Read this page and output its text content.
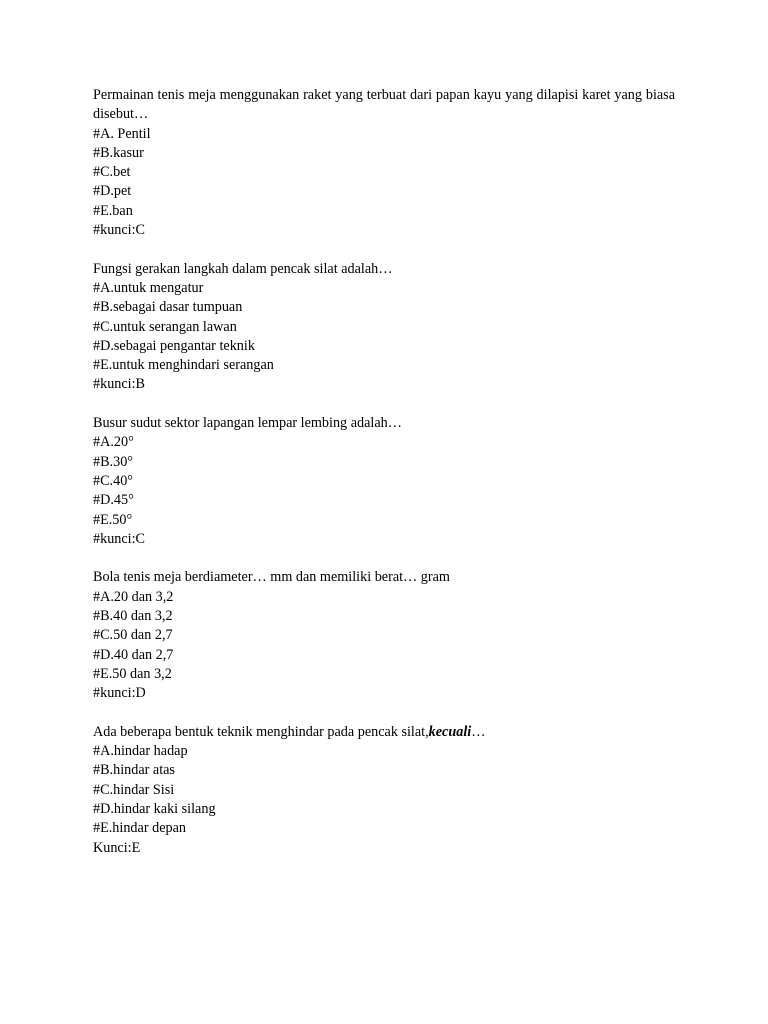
Permainan tenis meja menggunakan raket yang terbuat dari papan kayu yang dilapisi karet yang biasa disebut…
#A. Pentil
#B.kasur
#C.bet
#D.pet
#E.ban
#kunci:C
Fungsi gerakan langkah dalam pencak silat adalah…
#A.untuk mengatur
#B.sebagai dasar tumpuan
#C.untuk serangan lawan
#D.sebagai pengantar teknik
#E.untuk menghindari serangan
#kunci:B
Busur sudut sektor lapangan lempar lembing adalah…
#A.20°
#B.30°
#C.40°
#D.45°
#E.50°
#kunci:C
Bola tenis meja berdiameter… mm dan memiliki berat… gram
#A.20 dan 3,2
#B.40 dan 3,2
#C.50 dan 2,7
#D.40 dan 2,7
#E.50 dan 3,2
#kunci:D
Ada beberapa bentuk teknik menghindar pada pencak silat,kecuali…
#A.hindar hadap
#B.hindar atas
#C.hindar Sisi
#D.hindar kaki silang
#E.hindar depan
Kunci:E
